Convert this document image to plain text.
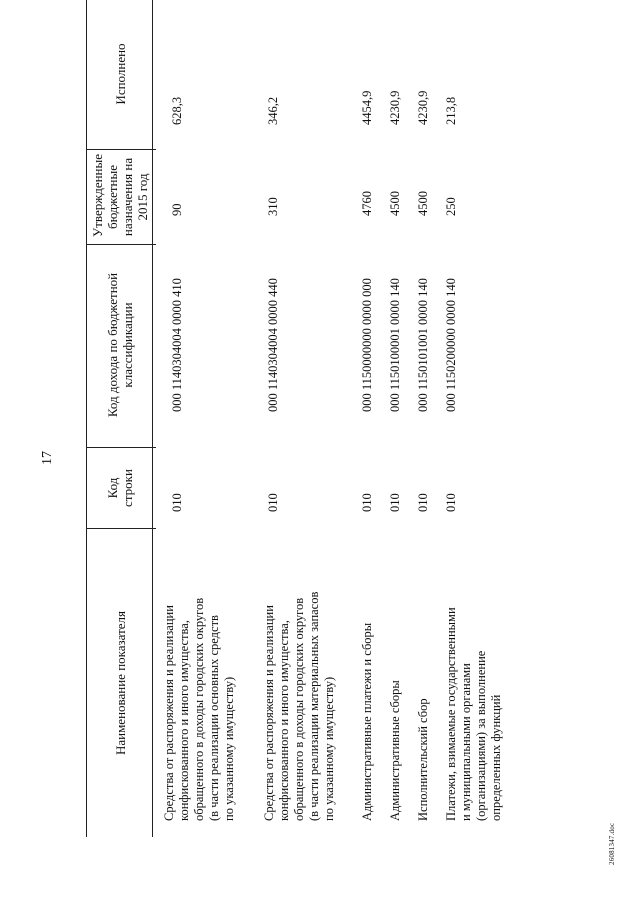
17
Наименование показателя
Код строки
Код дохода по бюджетной классификации
Утвержденные бюджетные назначения на 2015 год
Исполнено
Средства от распоряжения и реализации конфискованного и иного имущества, обращенного в доходы городских округов (в части реализации основных средств по указанному имуществу)
010
000 1140304004 0000 410
90
628,3
Средства от распоряжения и реализации конфискованного и иного имущества, обращенного в доходы городских округов (в части реализации материальных запасов по указанному имуществу)
010
000 1140304004 0000 440
310
346,2
Административные платежи и сборы
010
000 1150000000 0000 000
4760
4454,9
Административные сборы
010
000 1150100001 0000 140
4500
4230,9
Исполнительский сбор
010
000 1150101001 0000 140
4500
4230,9
Платежи, взимаемые государственными и муниципальными органами (организациями) за выполнение определенных функций
010
000 1150200000 0000 140
250
213,8
26081347.doc
